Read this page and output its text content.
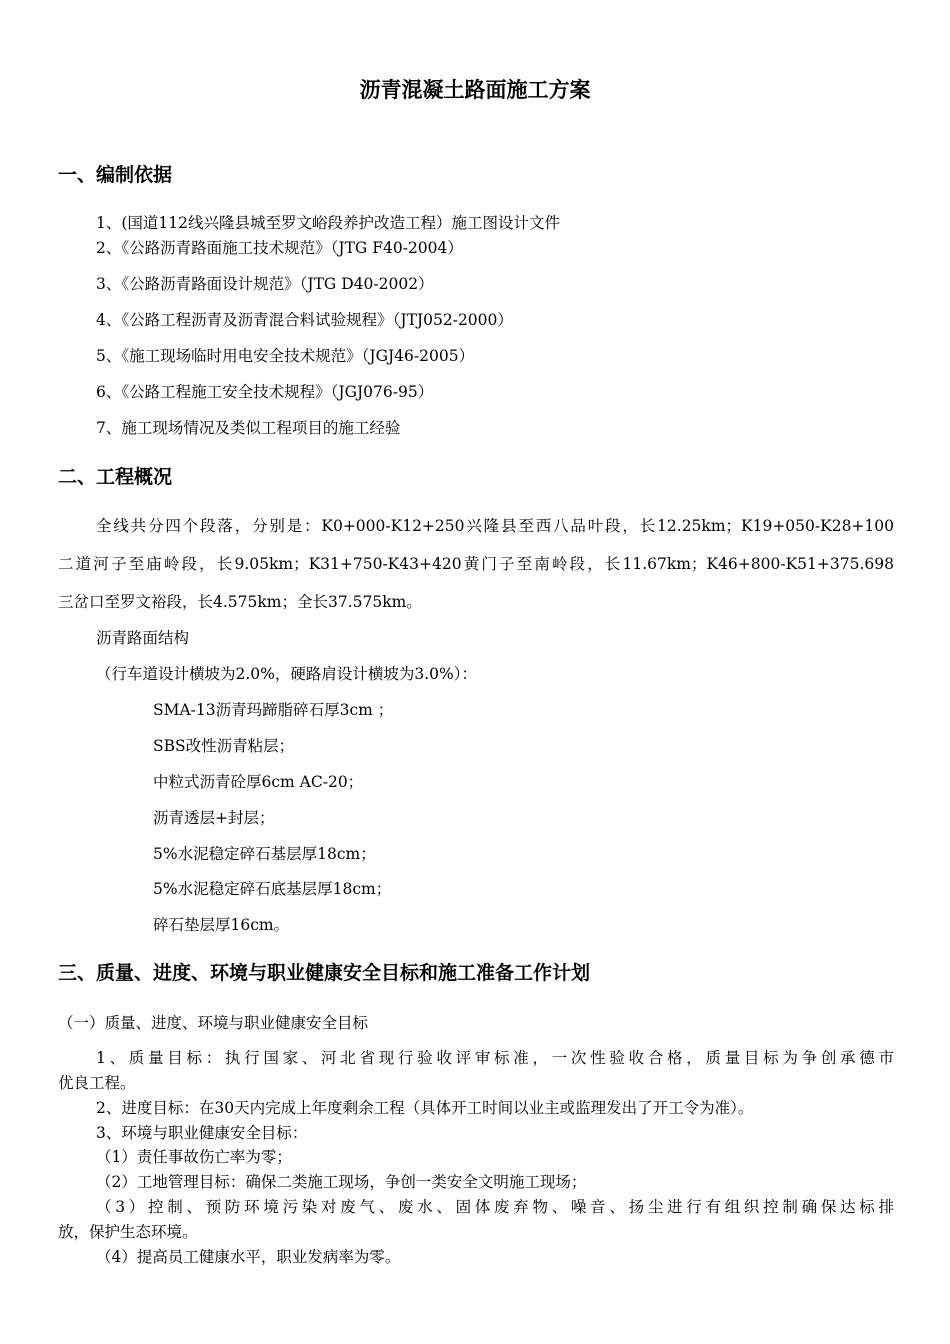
沥青混凝土路面施工方案
一、编制依据
1、(国道112线兴隆县城至罗文峪段养护改造工程）施工图设计文件
2、《公路沥青路面施工技术规范》（JTG F40-2004）
3、《公路沥青路面设计规范》（JTG D40-2002）
4、《公路工程沥青及沥青混合料试验规程》（JTJ052-2000）
5、《施工现场临时用电安全技术规范》（JGJ46-2005）
6、《公路工程施工安全技术规程》（JGJ076-95）
7、施工现场情况及类似工程项目的施工经验
二、工程概况
全线共分四个段落，分别是：K0+000-K12+250兴隆县至西八品叶段，长12.25km；K19+050-K28+100
二道河子至庙岭段，长9.05km；K31+750-K43+420黄门子至南岭段，长11.67km；K46+800-K51+375.698
三岔口至罗文裕段，长4.575km；全长37.575km。
沥青路面结构
（行车道设计横坡为2.0%，硬路肩设计横坡为3.0%）：
SMA-13沥青玛蹄脂碎石厚3cm ；
SBS改性沥青粘层；
中粒式沥青砼厚6cm AC-20；
沥青透层+封层；
5%水泥稳定碎石基层厚18cm；
5%水泥稳定碎石底基层厚18cm；
碎石垫层厚16cm。
三、质量、进度、环境与职业健康安全目标和施工准备工作计划
（一）质量、进度、环境与职业健康安全目标
1、质量目标：执行国家、河北省现行验收评审标准，一次性验收合格，质量目标为争创承德市
优良工程。
2、进度目标：在30天内完成上年度剩余工程（具体开工时间以业主或监理发出了开工令为准）。
3、环境与职业健康安全目标：
（1）责任事故伤亡率为零；
（2）工地管理目标：确保二类施工现场，争创一类安全文明施工现场；
（3）控制、预防环境污染对废气、废水、固体废弃物、噪音、扬尘进行有组织控制确保达标排
放，保护生态环境。
（4）提高员工健康水平，职业发病率为零。
